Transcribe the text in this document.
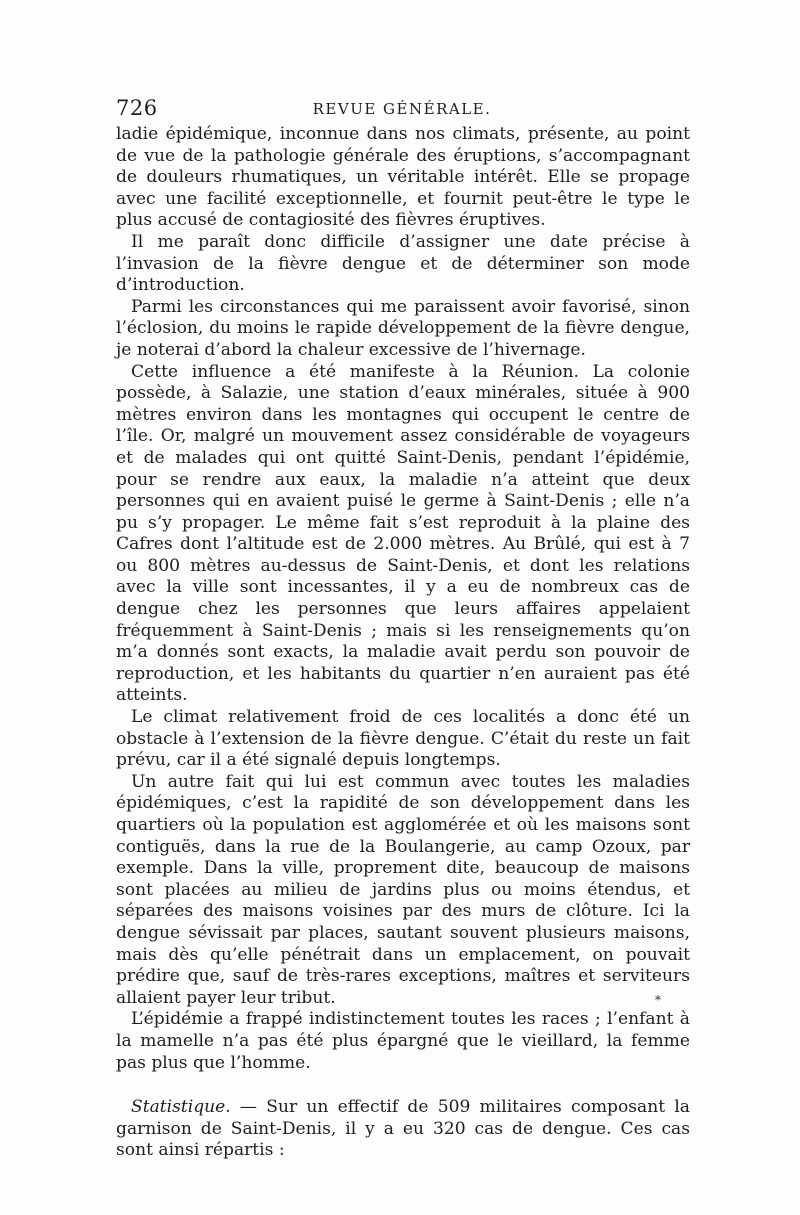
726	REVUE GÉNÉRALE.

ladie épidémique, inconnue dans nos climats, présente, au point de vue de la pathologie générale des éruptions, s’accompagnant de douleurs rhumatiques, un véritable intérêt. Elle se propage avec une facilité exceptionnelle, et fournit peut-être le type le plus accusé de contagiosité des fièvres éruptives.

Il me paraît donc difficile d’assigner une date précise à l’invasion de la fièvre dengue et de déterminer son mode d’introduction.

Parmi les circonstances qui me paraissent avoir favorisé, sinon l’éclosion, du moins le rapide développement de la fièvre dengue, je noterai d’abord la chaleur excessive de l’hivernage.

Cette influence a été manifeste à la Réunion. La colonie possède, à Salazie, une station d’eaux minérales, située à 900 mètres environ dans les montagnes qui occupent le centre de l’île. Or, malgré un mouvement assez considérable de voyageurs et de malades qui ont quitté Saint-Denis, pendant l’épidémie, pour se rendre aux eaux, la maladie n’a atteint que deux personnes qui en avaient puisé le germe à Saint-Denis ; elle n’a pu s’y propager. Le même fait s’est reproduit à la plaine des Cafres dont l’altitude est de 2.000 mètres. Au Brûlé, qui est à 7 ou 800 mètres au-dessus de Saint-Denis, et dont les relations avec la ville sont incessantes, il y a eu de nombreux cas de dengue chez les personnes que leurs affaires appelaient fréquemment à Saint-Denis ; mais si les renseignements qu’on m’a donnés sont exacts, la maladie avait perdu son pouvoir de reproduction, et les habitants du quartier n’en auraient pas été atteints.

Le climat relativement froid de ces localités a donc été un obstacle à l’extension de la fièvre dengue. C’était du reste un fait prévu, car il a été signalé depuis longtemps.

Un autre fait qui lui est commun avec toutes les maladies épidémiques, c’est la rapidité de son développement dans les quartiers où la population est agglomérée et où les maisons sont contiguës, dans la rue de la Boulangerie, au camp Ozoux, par exemple. Dans la ville, proprement dite, beaucoup de maisons sont placées au milieu de jardins plus ou moins étendus, et séparées des maisons voisines par des murs de clôture. Ici la dengue sévissait par places, sautant souvent plusieurs maisons, mais dès qu’elle pénétrait dans un emplacement, on pouvait prédire que, sauf de très-rares exceptions, maîtres et serviteurs allaient payer leur tribut.

L’épidémie a frappé indistinctement toutes les races ; l’enfant à la mamelle n’a pas été plus épargné que le vieillard, la femme pas plus que l’homme.

Statistique. — Sur un effectif de 509 militaires composant la garnison de Saint-Denis, il y a eu 320 cas de dengue. Ces cas sont ainsi répartis :

*
